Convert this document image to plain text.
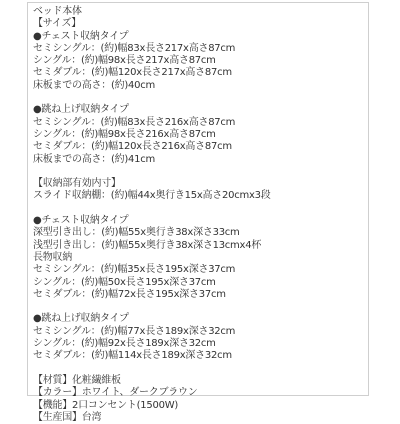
ベッド本体
【サイズ】
●チェスト収納タイプ
セミシングル：(約)幅83x長さ217x高さ87cm
シングル：(約)幅98x長さ217x高さ87cm
セミダブル：(約)幅120x長さ217x高さ87cm
床板までの高さ：(約)40cm
●跳ね上げ収納タイプ
セミシングル：(約)幅83x長さ216x高さ87cm
シングル：(約)幅98x長さ216x高さ87cm
セミダブル：(約)幅120x長さ216x高さ87cm
床板までの高さ：(約)41cm
【収納部有効内寸】
スライド収納棚：(約)幅44x奥行き15x高さ20cmx3段
●チェスト収納タイプ
深型引き出し：(約)幅55x奥行き38x深さ33cm
浅型引き出し：(約)幅55x奥行き38x深さ13cmx4杯
長物収納
セミシングル：(約)幅35x長さ195x深さ37cm
シングル：(約)幅50x長さ195x深さ37cm
セミダブル：(約)幅72x長さ195x深さ37cm
●跳ね上げ収納タイプ
セミシングル：(約)幅77x長さ189x深さ32cm
シングル：(約)幅92x長さ189x深さ32cm
セミダブル：(約)幅114x長さ189x深さ32cm
【材質】化粧繊維板
【カラー】ホワイト、ダークブラウン
【機能】2口コンセント(1500W)
【生産国】台湾
